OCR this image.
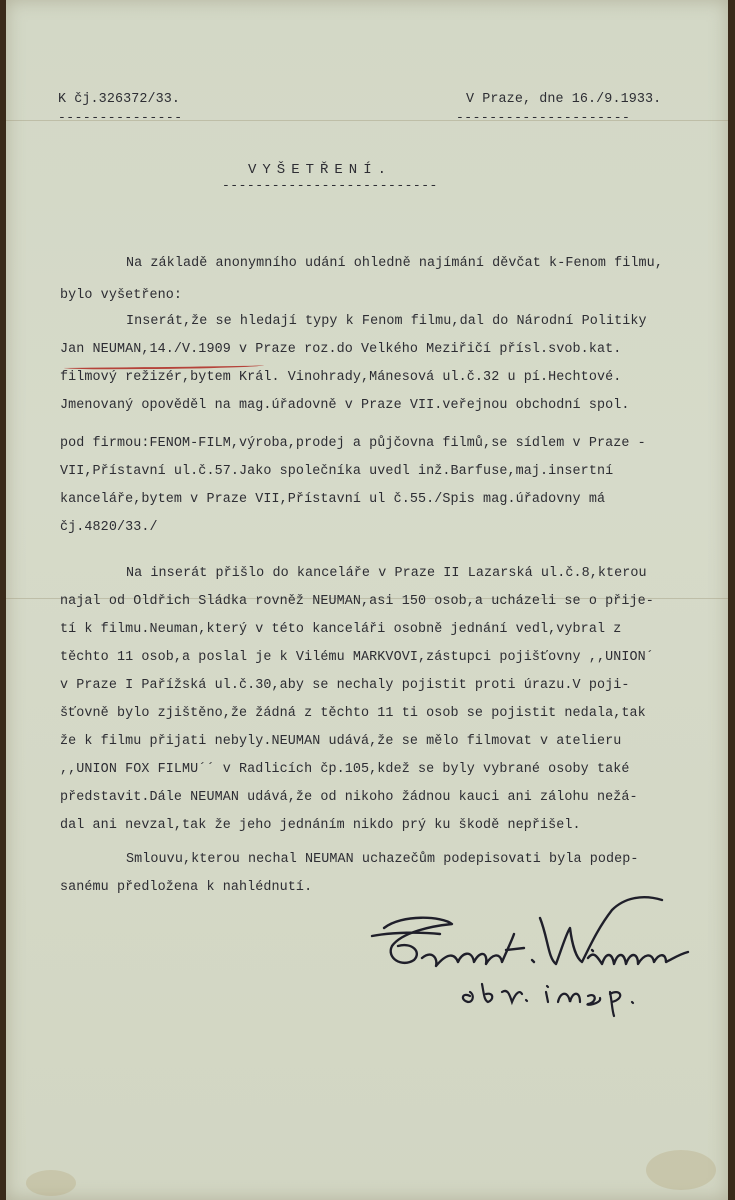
K čj.326372/33.
---------------
V Praze, dne 16./9.1933.
---------------------
VYŠETŘENÍ.
--------------------------
Na základě anonymního udání ohledně najímání děvčat k-Fenom filmu,
bylo vyšetřeno:
Inserát,že se hledají typy k Fenom filmu,dal do Národní Politiky
Jan NEUMAN,14./V.1909 v Praze roz.do Velkého Meziřičí přísl.svob.kat.
filmový režizér,bytem Král. Vinohrady,Mánesová ul.č.32 u pí.Hechtové.
Jmenovaný opověděl na mag.úřadovně v Praze VII.veřejnou obchodní spol.
pod firmou:FENOM-FILM,výroba,prodej a půjčovna filmů,se sídlem v Praze -
VII,Přístavní ul.č.57.Jako společníka uvedl inž.Barfuse,maj.insertní
kanceláře,bytem v Praze VII,Přístavní ul č.55./Spis mag.úřadovny má
čj.4820/33./
Na inserát přišlo do kanceláře v Praze II Lazarská ul.č.8,kterou
najal od Oldřich Sládka rovněž NEUMAN,asi 150 osob,a ucházeli se o přije-
tí k filmu.Neuman,který v této kanceláři osobně jednání vedl,vybral z
těchto 11 osob,a poslal je k Vilému MARKVOVI,zástupci pojišťovny ,,UNION´
v Praze I Pařížská ul.č.30,aby se nechaly pojistit proti úrazu.V poji-
šťovně bylo zjištěno,že žádná z těchto 11 ti osob se pojistit nedala,tak
že k filmu přijati nebyly.NEUMAN udává,že se mělo filmovat v atelieru
,,UNION FOX FILMU´´ v Radlicích čp.105,kdež se byly vybrané osoby také
představit.Dále NEUMAN udává,že od nikoho žádnou kauci ani zálohu nežá-
dal ani nevzal,tak že jeho jednáním nikdo prý ku škodě nepřišel.
Smlouvu,kterou nechal NEUMAN uchazečům podepisovati byla podep-
sanému předložena k nahlédnutí.
